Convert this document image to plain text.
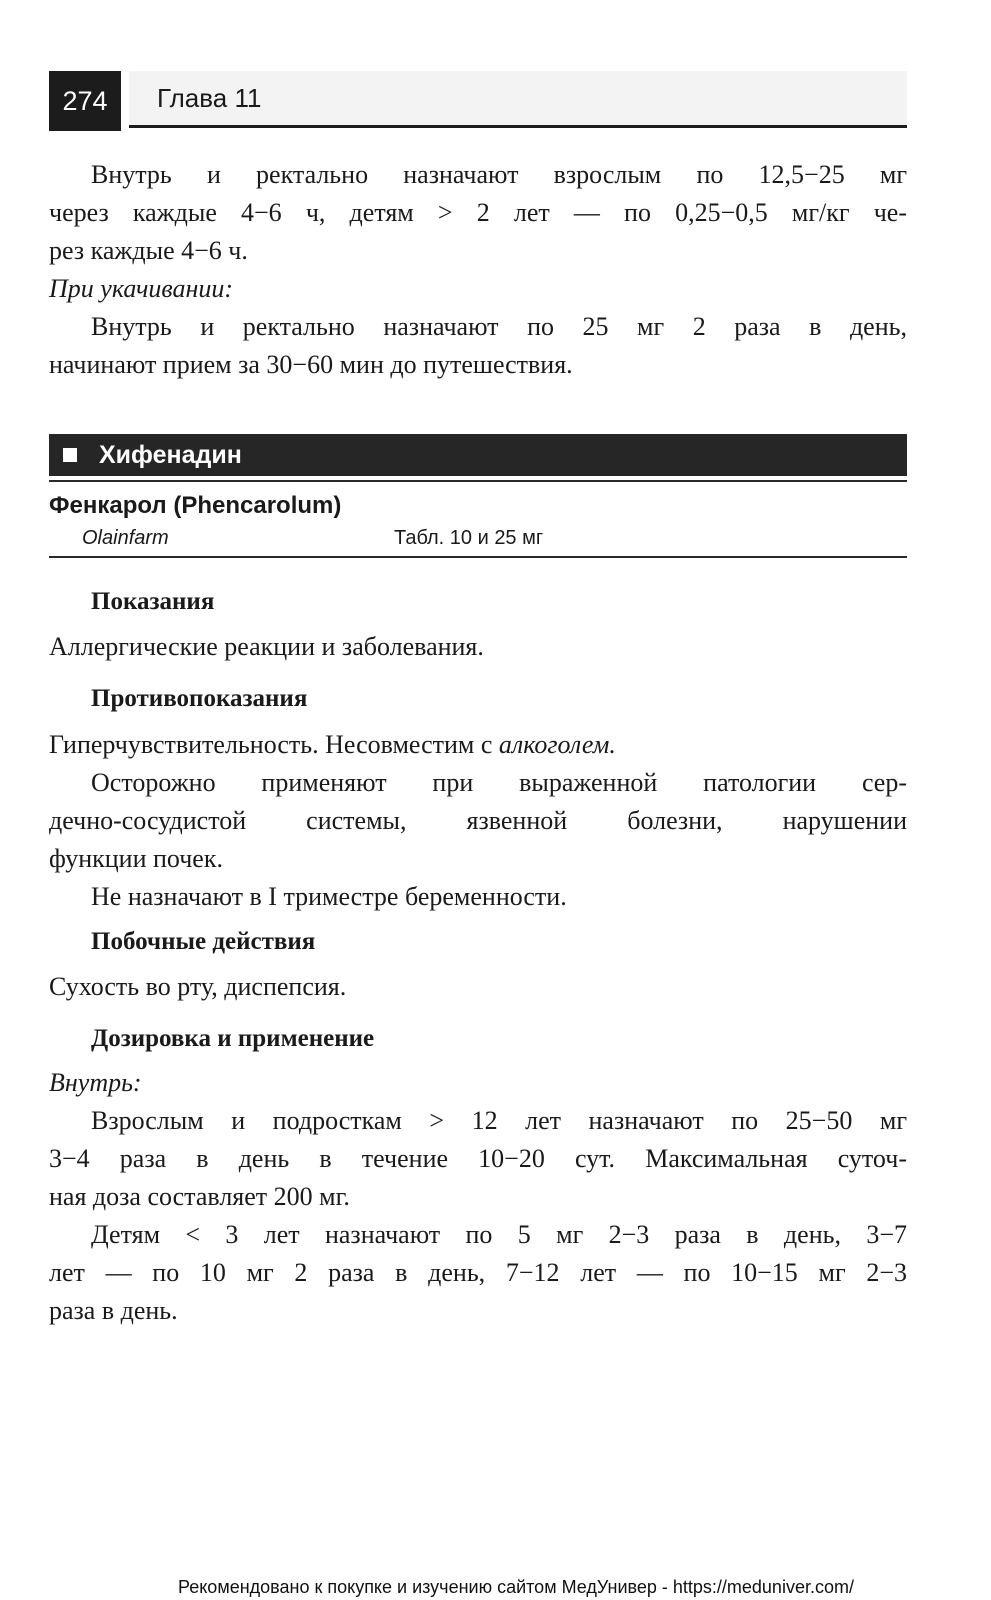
274	Глава 11

Внутрь и ректально назначают взрослым по 12,5−25 мг

через каждые 4−6 ч, детям > 2 лет — по 0,25−0,5 мг/кг че-

рез каждые 4−6 ч.

При укачивании:

Внутрь и ректально назначают по 25 мг 2 раза в день,

начинают прием за 30−60 мин до путешествия.

Хифенадин
Фенкарол (Phencarolum)
Olainfarm	Табл. 10 и 25 мг
Показания

Аллергические реакции и заболевания.

Противопоказания

Гиперчувствительность. Несовместим с алкоголем.

Осторожно применяют при выраженной патологии сер-

дечно-сосудистой системы, язвенной болезни, нарушении

функции почек.

Не назначают в I триместре беременности.

Побочные действия

Сухость во рту, диспепсия.

Дозировка и применение

Внутрь:

Взрослым и подросткам > 12 лет назначают по 25−50 мг

3−4 раза в день в течение 10−20 сут. Максимальная суточ-

ная доза составляет 200 мг.

Детям < 3 лет назначают по 5 мг 2−3 раза в день, 3−7

лет — по 10 мг 2 раза в день, 7−12 лет — по 10−15 мг 2−3

раза в день.

Рекомендовано к покупке и изучению сайтом МедУнивер - https://meduniver.com/
